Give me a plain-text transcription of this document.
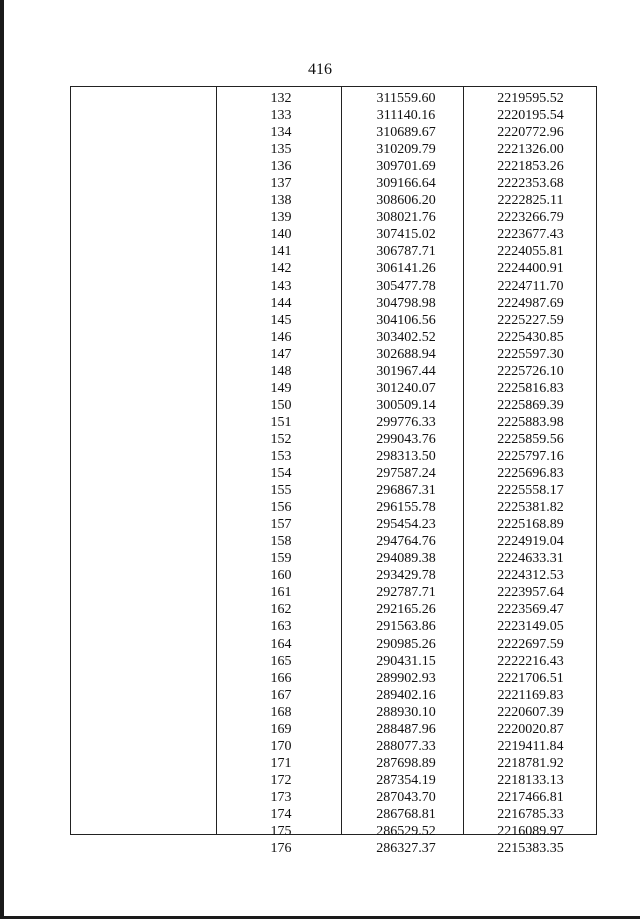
416
132	311559.60	2219595.52
133	311140.16	2220195.54
134	310689.67	2220772.96
135	310209.79	2221326.00
136	309701.69	2221853.26
137	309166.64	2222353.68
138	308606.20	2222825.11
139	308021.76	2223266.79
140	307415.02	2223677.43
141	306787.71	2224055.81
142	306141.26	2224400.91
143	305477.78	2224711.70
144	304798.98	2224987.69
145	304106.56	2225227.59
146	303402.52	2225430.85
147	302688.94	2225597.30
148	301967.44	2225726.10
149	301240.07	2225816.83
150	300509.14	2225869.39
151	299776.33	2225883.98
152	299043.76	2225859.56
153	298313.50	2225797.16
154	297587.24	2225696.83
155	296867.31	2225558.17
156	296155.78	2225381.82
157	295454.23	2225168.89
158	294764.76	2224919.04
159	294089.38	2224633.31
160	293429.78	2224312.53
161	292787.71	2223957.64
162	292165.26	2223569.47
163	291563.86	2223149.05
164	290985.26	2222697.59
165	290431.15	2222216.43
166	289902.93	2221706.51
167	289402.16	2221169.83
168	288930.10	2220607.39
169	288487.96	2220020.87
170	288077.33	2219411.84
171	287698.89	2218781.92
172	287354.19	2218133.13
173	287043.70	2217466.81
174	286768.81	2216785.33
175	286529.52	2216089.97
176	286327.37	2215383.35
